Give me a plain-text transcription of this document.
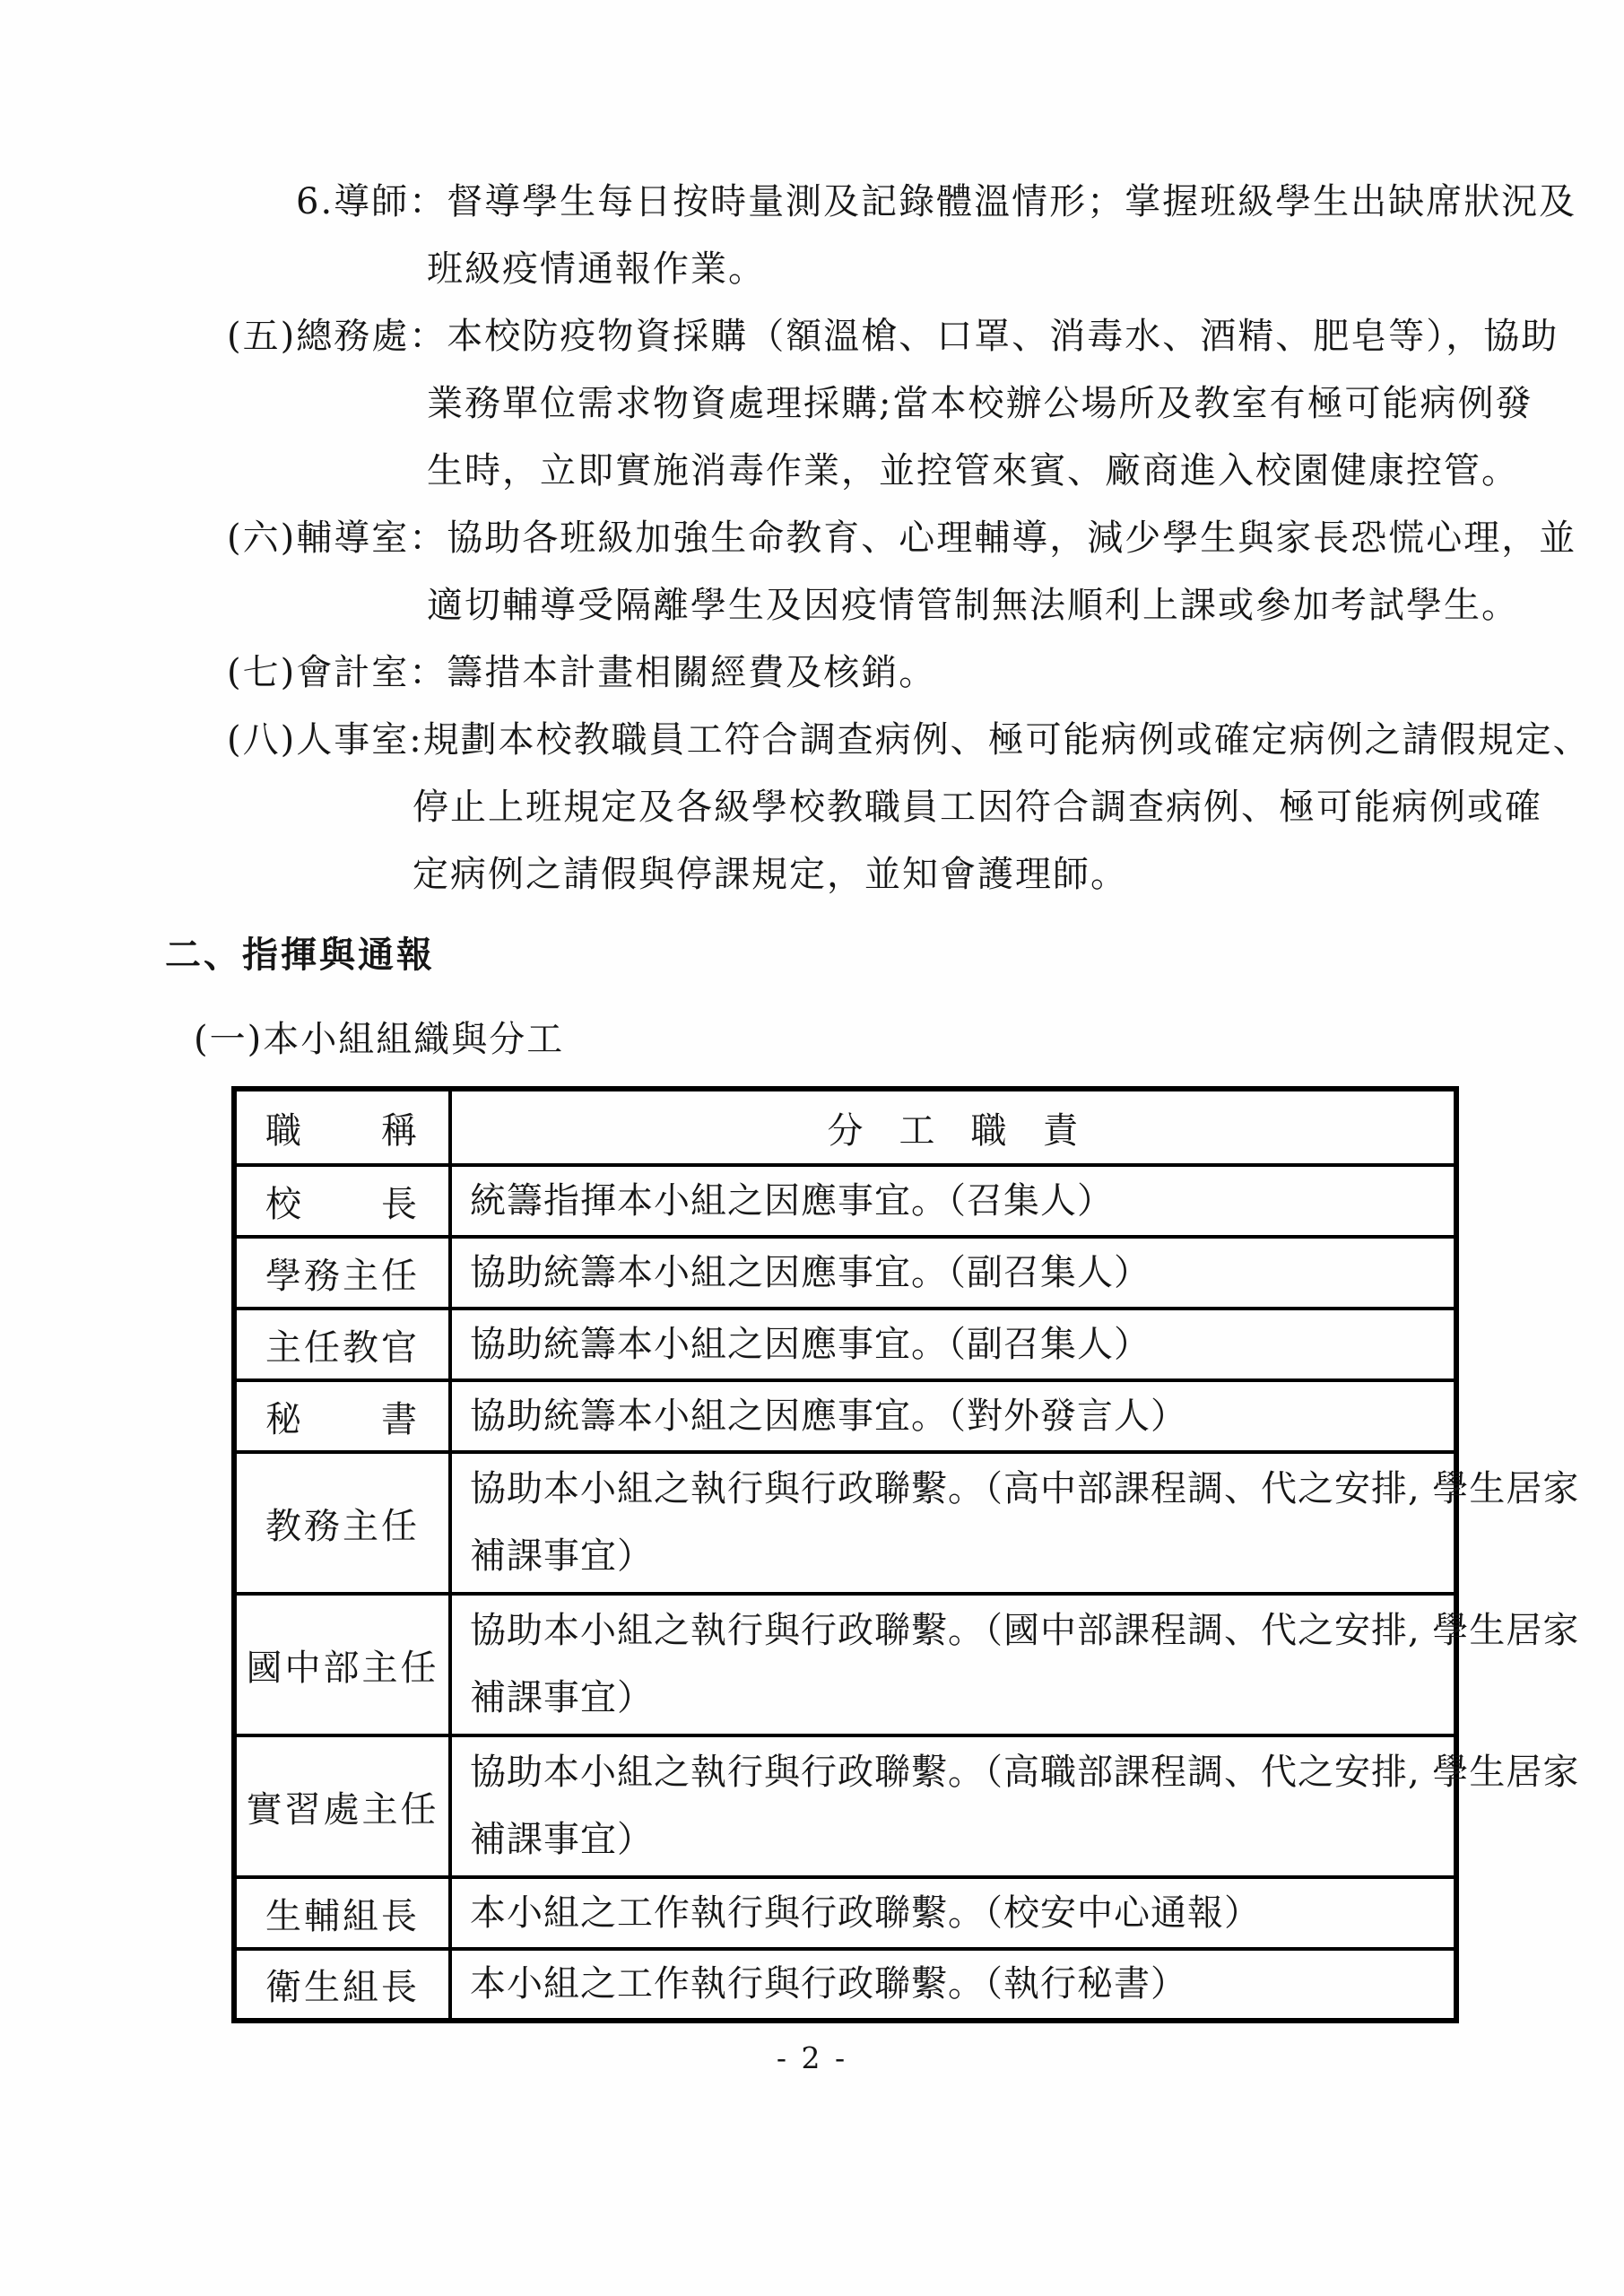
6.導師：督導學生每日按時量測及記錄體溫情形；掌握班級學生出缺席狀況及
班級疫情通報作業。
(五)總務處：本校防疫物資採購（額溫槍、口罩、消毒水、酒精、肥皂等），協助
業務單位需求物資處理採購;當本校辦公場所及教室有極可能病例發
生時，立即實施消毒作業，並控管來賓、廠商進入校園健康控管。
(六)輔導室：協助各班級加強生命教育、心理輔導，減少學生與家長恐慌心理，並
適切輔導受隔離學生及因疫情管制無法順利上課或參加考試學生。
(七)會計室：籌措本計畫相關經費及核銷。
(八)人事室:規劃本校教職員工符合調查病例、極可能病例或確定病例之請假規定、
停止上班規定及各級學校教職員工因符合調查病例、極可能病例或確
定病例之請假與停課規定，並知會護理師。
二、指揮與通報
(一)本小組組織與分工
職　　稱	分　工　職　責
校　　長	統籌指揮本小組之因應事宜。（召集人）

學務主任	協助統籌本小組之因應事宜。（副召集人）

主任教官	協助統籌本小組之因應事宜。（副召集人）

秘　　書	協助統籌本小組之因應事宜。（對外發言人）

教務主任	協助本小組之執行與行政聯繫。（高中部課程調、代之安排, 學生居家
補課事宜）

國中部主任	協助本小組之執行與行政聯繫。（國中部課程調、代之安排, 學生居家
補課事宜）

實習處主任	協助本小組之執行與行政聯繫。（高職部課程調、代之安排, 學生居家
補課事宜）

生輔組長	本小組之工作執行與行政聯繫。（校安中心通報）

衛生組長	本小組之工作執行與行政聯繫。（執行秘書）
- 2 -
